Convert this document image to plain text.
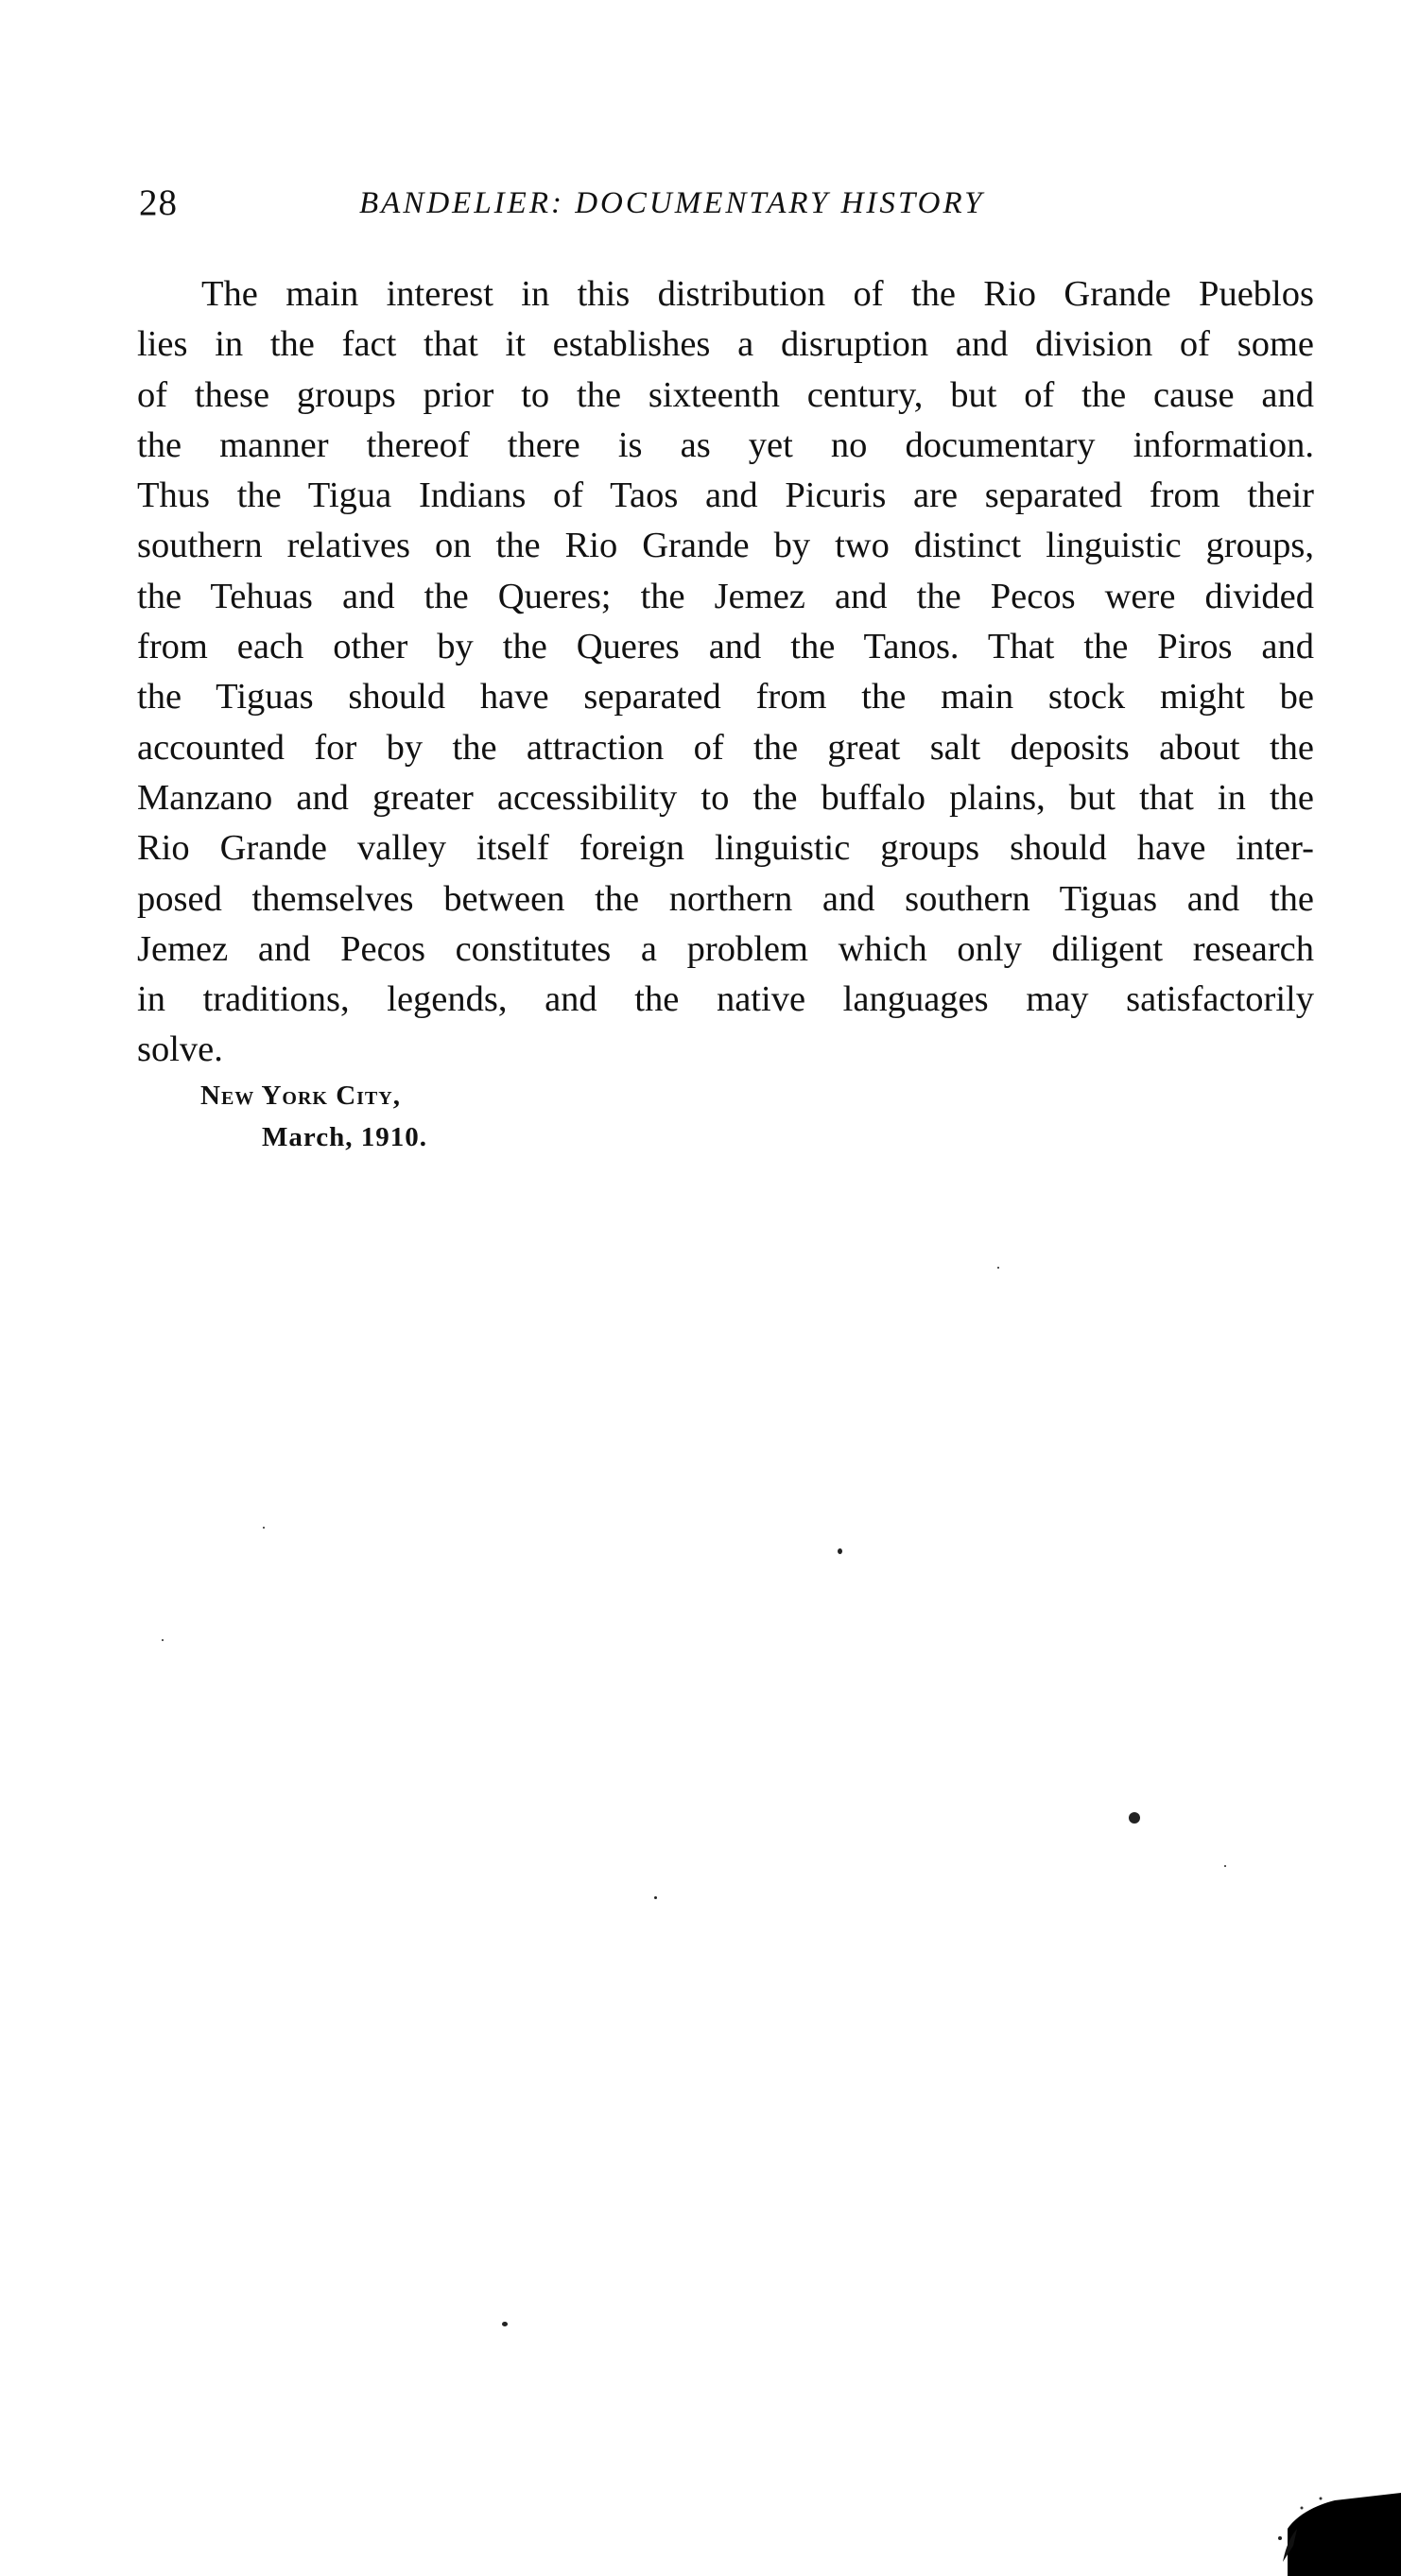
28	BANDELIER: DOCUMENTARY HISTORY
The main interest in this distribution of the Rio Grande Pueblos
lies in the fact that it establishes a disruption and division of some
of these groups prior to the sixteenth century, but of the cause and
the manner thereof there is as yet no documentary information.
Thus the Tigua Indians of Taos and Picuris are separated from their
southern relatives on the Rio Grande by two distinct linguistic groups,
the Tehuas and the Queres; the Jemez and the Pecos were divided
from each other by the Queres and the Tanos. That the Piros and
the Tiguas should have separated from the main stock might be
accounted for by the attraction of the great salt deposits about the
Manzano and greater accessibility to the buffalo plains, but that in the
Rio Grande valley itself foreign linguistic groups should have inter-
posed themselves between the northern and southern Tiguas and the
Jemez and Pecos constitutes a problem which only diligent research
in traditions, legends, and the native languages may satisfactorily
solve.
New York City,
March, 1910.
